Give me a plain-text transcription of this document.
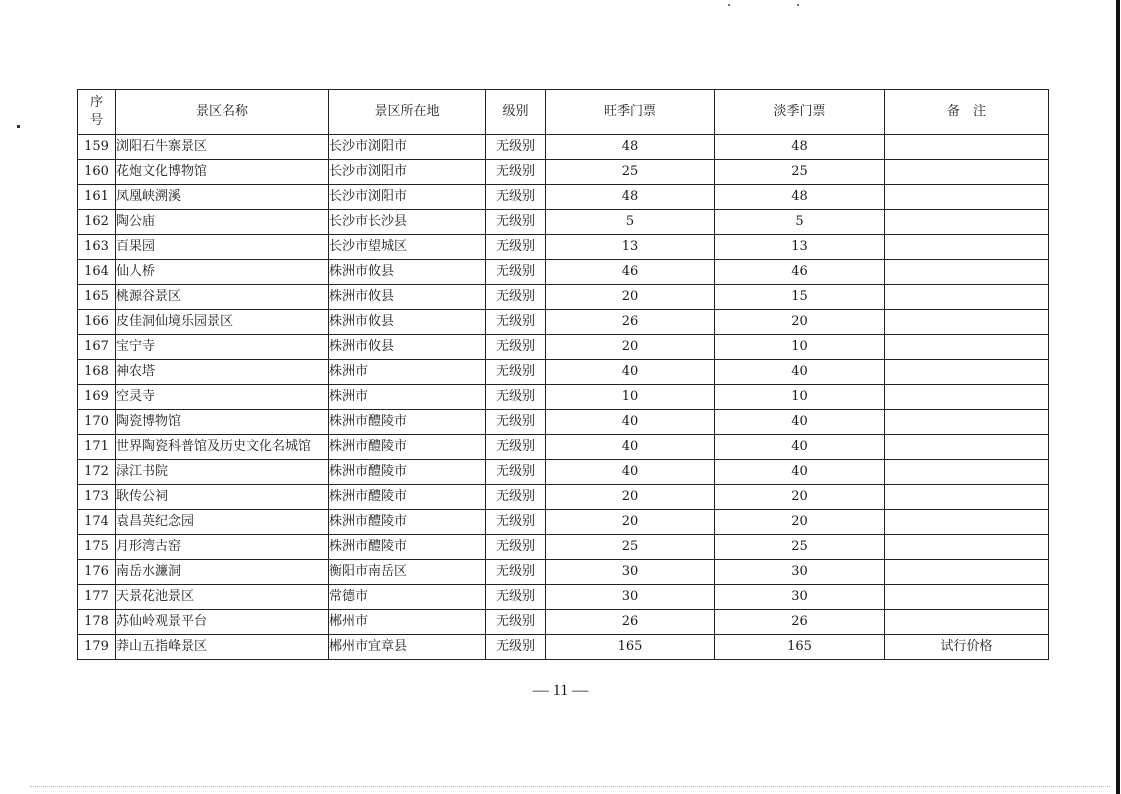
序
号	景区名称	景区所在地	级别	旺季门票	淡季门票	备　注
159	浏阳石牛寨景区	长沙市浏阳市	无级别	48	48	
160	花炮文化博物馆	长沙市浏阳市	无级别	25	25	
161	凤凰峡溯溪	长沙市浏阳市	无级别	48	48	
162	陶公庙	长沙市长沙县	无级别	5	5	
163	百果园	长沙市望城区	无级别	13	13	
164	仙人桥	株洲市攸县	无级别	46	46	
165	桃源谷景区	株洲市攸县	无级别	20	15	
166	皮佳洞仙境乐园景区	株洲市攸县	无级别	26	20	
167	宝宁寺	株洲市攸县	无级别	20	10	
168	神农塔	株洲市	无级别	40	40	
169	空灵寺	株洲市	无级别	10	10	
170	陶瓷博物馆	株洲市醴陵市	无级别	40	40	
171	世界陶瓷科普馆及历史文化名城馆	株洲市醴陵市	无级别	40	40	
172	渌江书院	株洲市醴陵市	无级别	40	40	
173	耿传公祠	株洲市醴陵市	无级别	20	20	
174	袁昌英纪念园	株洲市醴陵市	无级别	20	20	
175	月形湾古窑	株洲市醴陵市	无级别	25	25	
176	南岳水濂洞	衡阳市南岳区	无级别	30	30	
177	天景花池景区	常德市	无级别	30	30	
178	苏仙岭观景平台	郴州市	无级别	26	26	
179	莽山五指峰景区	郴州市宜章县	无级别	165	165	试行价格
— 11 —
